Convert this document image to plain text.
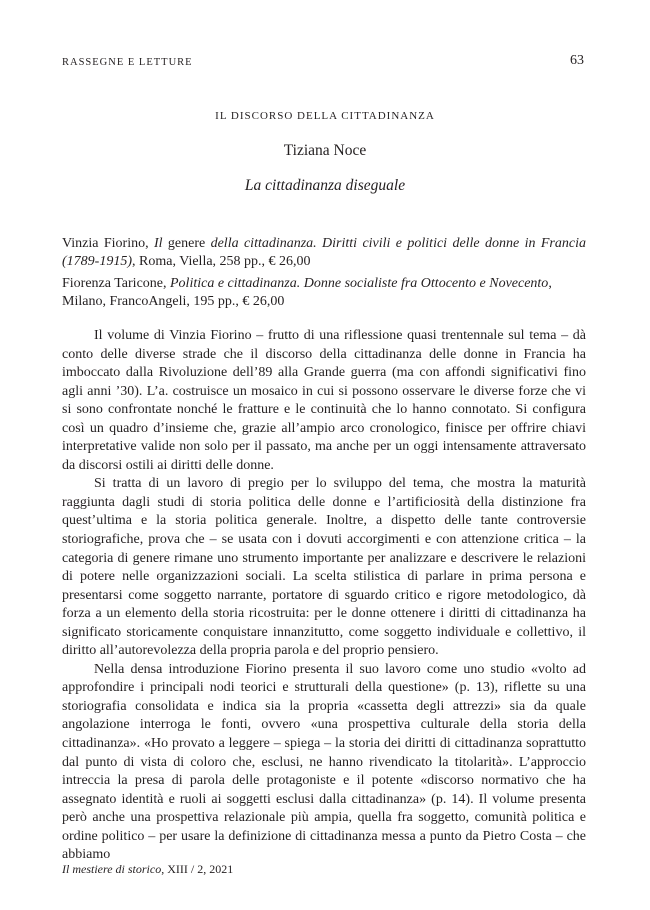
RASSEGNE E LETTURE	63
IL DISCORSO DELLA CITTADINANZA
Tiziana Noce
La cittadinanza diseguale

Vinzia Fiorino, Il genere della cittadinanza. Diritti civili e politici delle donne in Francia (1789-1915), Roma, Viella, 258 pp., € 26,00

Fiorenza Taricone, Politica e cittadinanza. Donne socialiste fra Ottocento e Novecento,
Milano, FrancoAngeli, 195 pp., € 26,00

Il volume di Vinzia Fiorino – frutto di una riflessione quasi trentennale sul tema – dà conto delle diverse strade che il discorso della cittadinanza delle donne in Francia ha imboccato dalla Rivoluzione dell’89 alla Grande guerra (ma con affondi significativi fino agli anni ’30). L’a. costruisce un mosaico in cui si possono osservare le diverse forze che vi si sono confrontate nonché le fratture e le continuità che lo hanno connotato. Si configura così un quadro d’insieme che, grazie all’ampio arco cronologico, finisce per offrire chiavi interpretative valide non solo per il passato, ma anche per un oggi intensamente attraversato da discorsi ostili ai diritti delle donne.

Si tratta di un lavoro di pregio per lo sviluppo del tema, che mostra la maturità raggiunta dagli studi di storia politica delle donne e l’artificiosità della distinzione fra quest’ultima e la storia politica generale. Inoltre, a dispetto delle tante controversie storiografiche, prova che – se usata con i dovuti accorgimenti e con attenzione critica – la categoria di genere rimane uno strumento importante per analizzare e descrivere le relazioni di potere nelle organizzazioni sociali. La scelta stilistica di parlare in prima persona e presentarsi come soggetto narrante, portatore di sguardo critico e rigore metodologico, dà forza a un elemento della storia ricostruita: per le donne ottenere i diritti di cittadinanza ha significato storicamente conquistare innanzitutto, come soggetto individuale e collettivo, il diritto all’autorevolezza della propria parola e del proprio pensiero.

Nella densa introduzione Fiorino presenta il suo lavoro come uno studio «volto ad approfondire i principali nodi teorici e strutturali della questione» (p. 13), riflette su una storiografia consolidata e indica sia la propria «cassetta degli attrezzi» sia da quale angolazione interroga le fonti, ovvero «una prospettiva culturale della storia della cittadinanza». «Ho provato a leggere – spiega – la storia dei diritti di cittadinanza soprattutto dal punto di vista di coloro che, esclusi, ne hanno rivendicato la titolarità». L’approccio intreccia la presa di parola delle protagoniste e il potente «discorso normativo che ha assegnato identità e ruoli ai soggetti esclusi dalla cittadinanza» (p. 14). Il volume presenta però anche una prospettiva relazionale più ampia, quella fra soggetto, comunità politica e ordine politico – per usare la definizione di cittadinanza messa a punto da Pietro Costa – che abbiamo

Il mestiere di storico, XIII / 2, 2021
